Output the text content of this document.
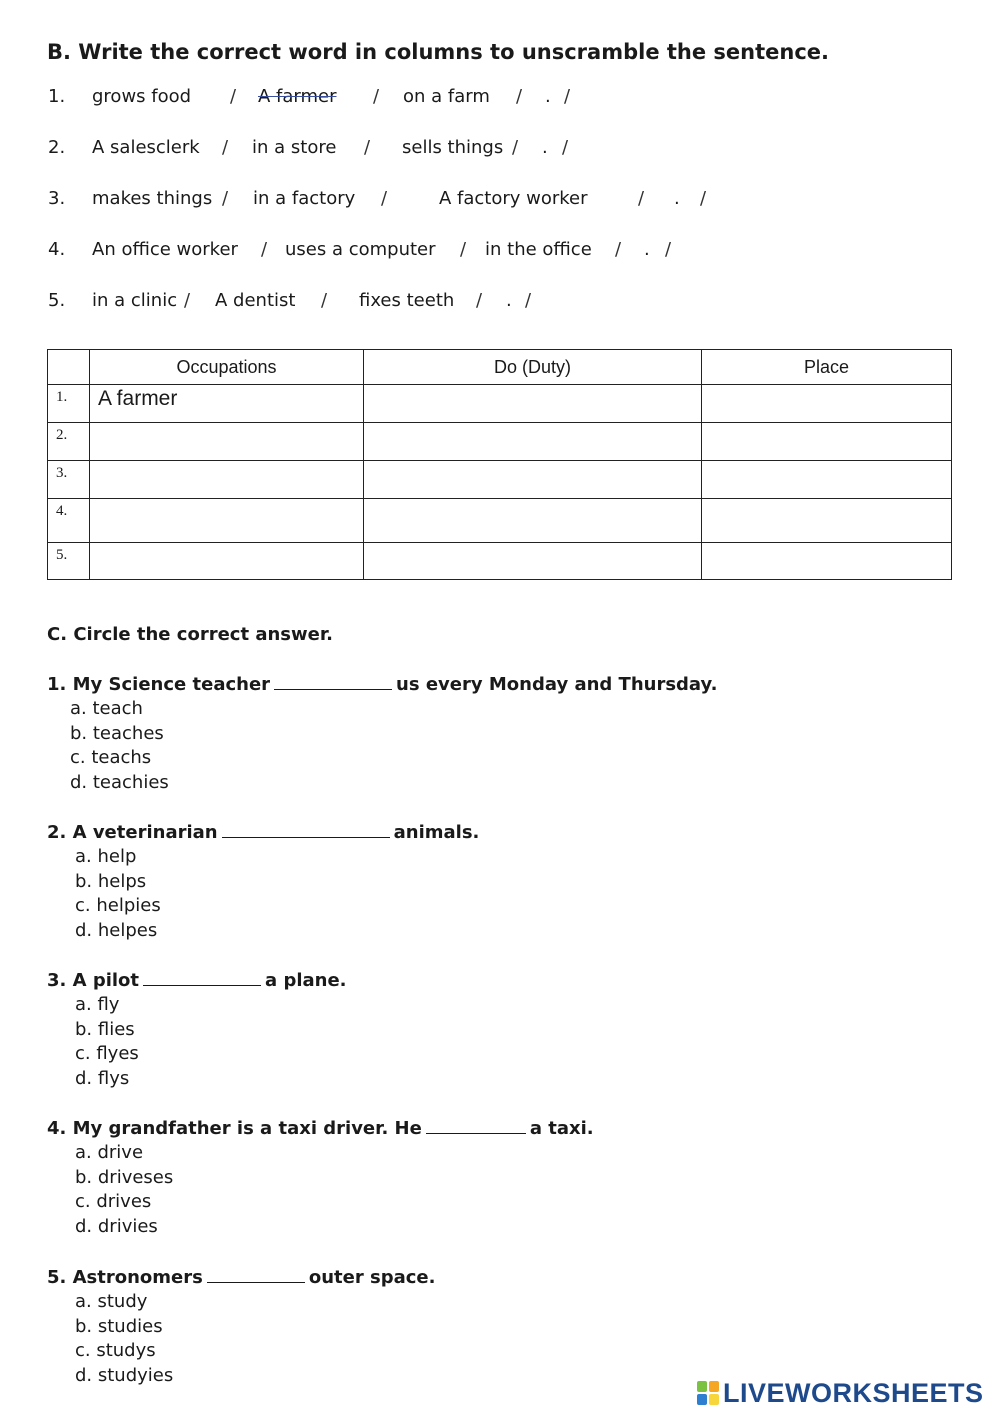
B. Write the correct word in columns to unscramble the sentence.
1. grows food / A farmer / on a farm / . /
2. A salesclerk / in a store / sells things / . /
3. makes things / in a factory /	A factory worker	/ . /
4. An office worker / uses a computer / in the office / . /
5. in a clinic / A dentist / fixes teeth / . /
	Occupations	Do (Duty)	Place
1.	A farmer		
2.			
3.			
4.			
5.			
C. Circle the correct answer.

1. My Science teacher	us every Monday and Thursday.

a. teach

b. teaches

c. teachs

d. teachies

2. A veterinarian	animals.

a. help

b. helps

c. helpies

d. helpes

3. A pilot	a plane.

a. fly

b. flies

c. flyes

d. flys

4. My grandfather is a taxi driver. He	a taxi.

a. drive

b. driveses

c. drives

d. drivies

5. Astronomers	outer space.

a. study

b. studies

c. studys

d. studyies

LIVEWORKSHEETS
